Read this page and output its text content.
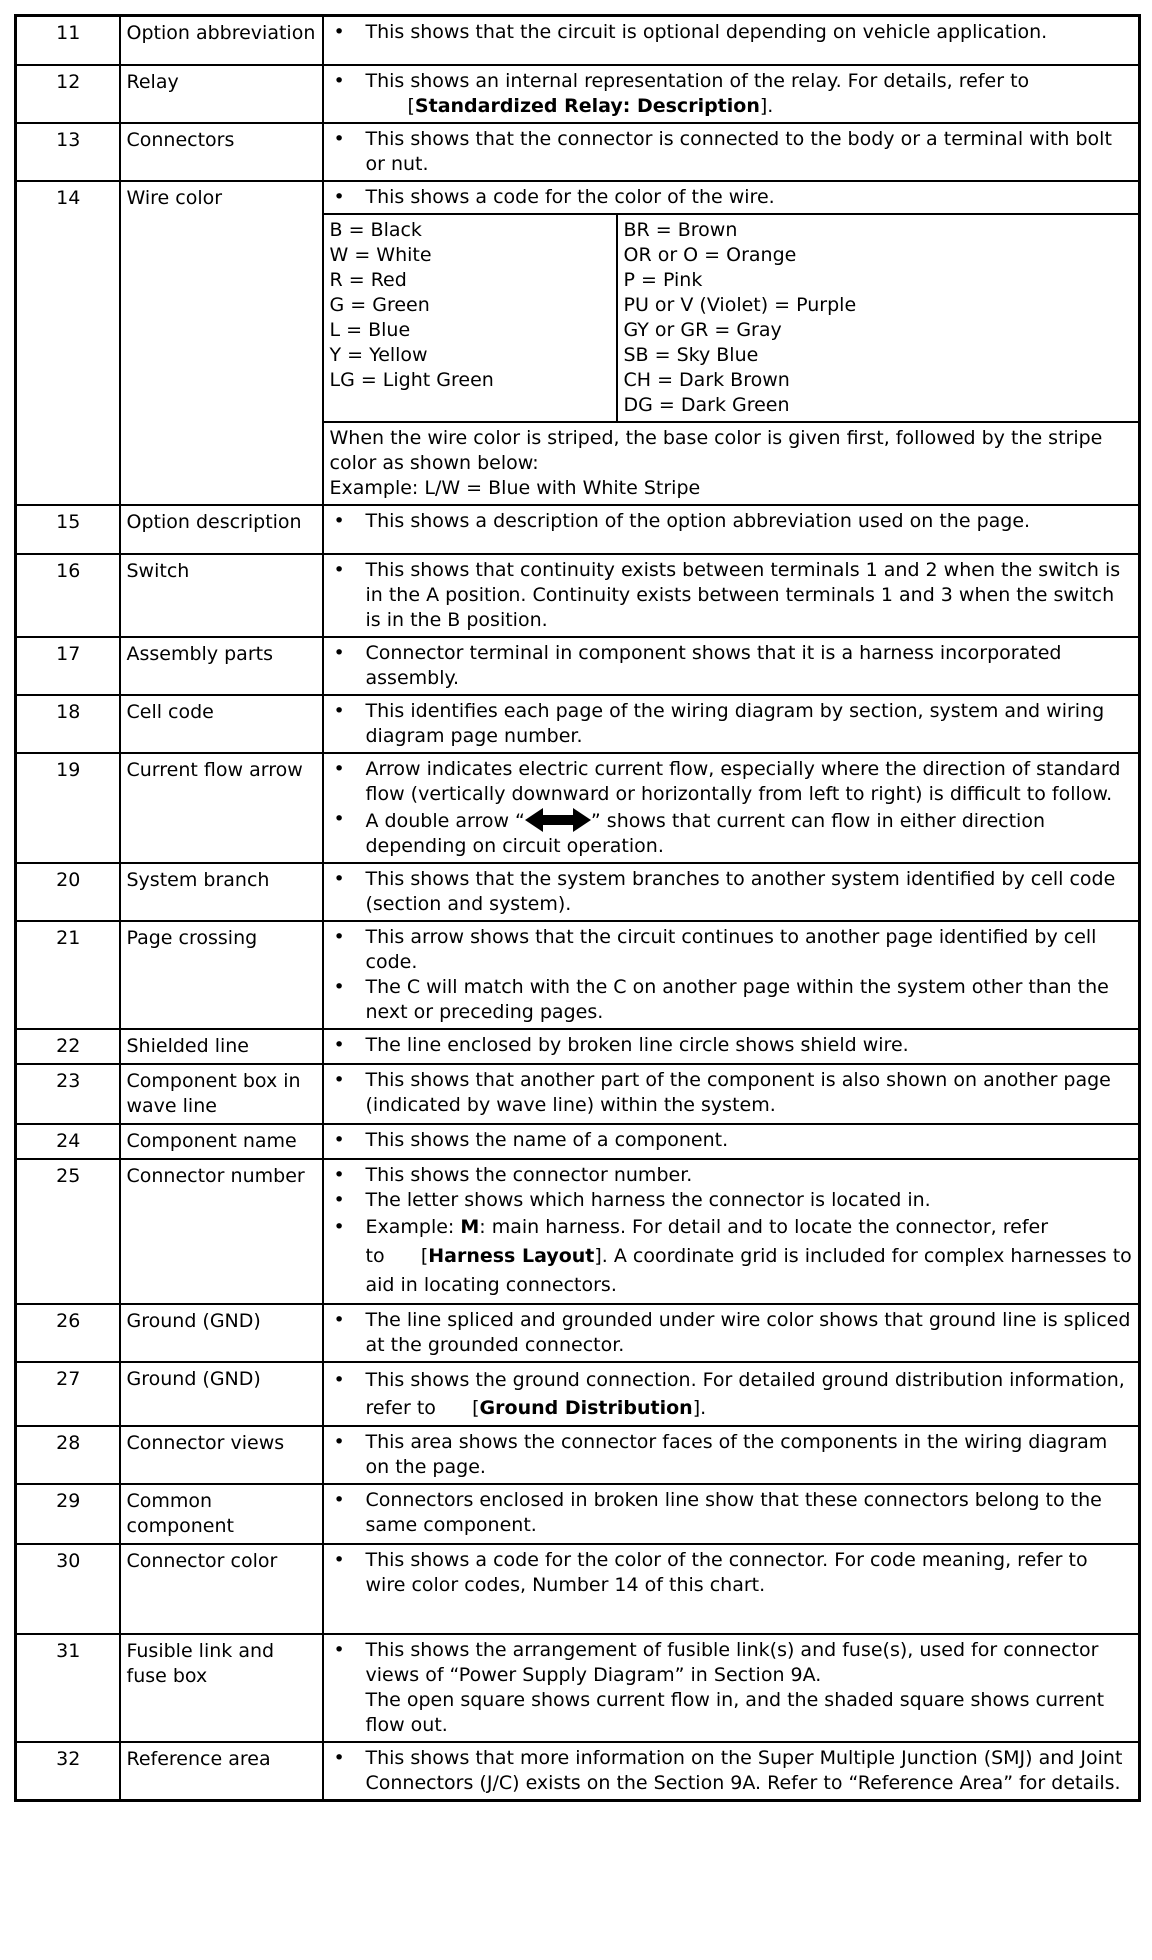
11	Option abbreviation	
•This shows that the circuit is optional depending on vehicle application.

12	Relay	
•This shows an internal representation of the relay. For details, refer to
[Standardized Relay: Description].

13	Connectors	
•This shows that the connector is connected to the body or a terminal with bolt or nut.

14	Wire color	
•	This shows a code for the color of the wire.

B = Black
W = White
R = Red
G = Green
L = Blue
Y = Yellow
LG = Light Green

BR = Brown
OR or O = Orange
P = Pink
PU or V (Violet) = Purple
GY or GR = Gray
SB = Sky Blue
CH = Dark Brown
DG = Dark Green

When the wire color is striped, the base color is given first, followed by the stripe color as shown below:
Example: L/W = Blue with White Stripe

15	Option description	
•This shows a description of the option abbreviation used on the page.

16	Switch	
•This shows that continuity exists between terminals 1 and 2 when the switch is in the A position. Continuity exists between terminals 1 and 3 when the switch is in the B position.

17	Assembly parts	
•Connector terminal in component shows that it is a harness incorporated assembly.

18	Cell code	
•This identifies each page of the wiring diagram by section, system and wiring diagram page number.

19	Current flow arrow	
•Arrow indicates electric current flow, especially where the direction of standard flow (vertically downward or horizontally from left to right) is difficult to follow.
• A double arrow “	” shows that current can flow in either direction depending on circuit operation.

20	System branch	
•This shows that the system branches to another system identified by cell code (section and system).

21	Page crossing	
•This arrow shows that the circuit continues to another page identified by cell code.
• The C will match with the C on another page within the system other than the next or preceding pages.

22	Shielded line	
•The line enclosed by broken line circle shows shield wire.

23	Component box in wave line	
• This shows that another part of the component is also shown on another page (indicated by wave line) within the system.

24	Component name	
•This shows the name of a component.

25	Connector number	
•This shows the connector number.
• The letter shows which harness the connector is located in.
• Example: M: main harness. For detail and to locate the connector, refer to      [Harness Layout]. A coordinate grid is included for complex harnesses to aid in locating connectors.

26	Ground (GND)	
•The line spliced and grounded under wire color shows that ground line is spliced at the grounded connector.

27	Ground (GND)	
•This shows the ground connection. For detailed ground distribution information, refer to      [Ground Distribution].

28	Connector views	
•This area shows the connector faces of the components in the wiring diagram on the page.

29	Common component	
• Connectors enclosed in broken line show that these connectors belong to the same component.

30	Connector color	
•This shows a code for the color of the connector. For code meaning, refer to wire color codes, Number 14 of this chart.

31	Fusible link and fuse box	
• This shows the arrangement of fusible link(s) and fuse(s), used for connector views of “Power Supply Diagram” in Section 9A.
The open square shows current flow in, and the shaded square shows current flow out.

32	Reference area	
•This shows that more information on the Super Multiple Junction (SMJ) and Joint Connectors (J/C) exists on the Section 9A. Refer to “Reference Area” for details.
